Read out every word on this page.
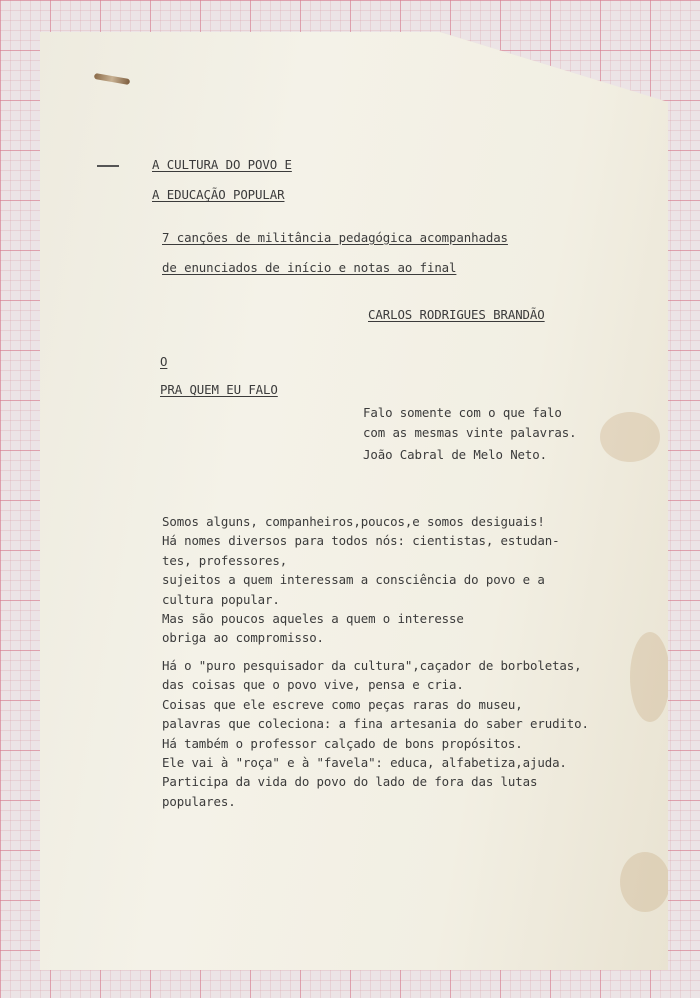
A CULTURA DO POVO E
A EDUCAÇÃO POPULAR
7 canções de militância pedagógica acompanhadas
de enunciados de início e notas ao final
CARLOS RODRIGUES BRANDÃO
O
PRA QUEM EU FALO
Falo somente com o que falo
com as mesmas vinte palavras.
João Cabral de Melo Neto.
Somos alguns, companheiros,poucos,e somos desiguais!
Há nomes diversos para todos nós: cientistas, estudan-
tes, professores,
sujeitos a quem interessam a consciência do povo e a
cultura popular.
Mas são poucos aqueles a quem o interesse
obriga ao compromisso.
Há o "puro pesquisador da cultura",caçador de borboletas,
das coisas que o povo vive, pensa e cria.
Coisas que ele escreve como peças raras do museu,
palavras que coleciona: a fina artesania do saber erudito.
Há também o professor calçado de bons propósitos.
Ele vai à "roça" e à "favela": educa, alfabetiza,ajuda.
Participa da vida do povo do lado de fora das lutas
populares.
